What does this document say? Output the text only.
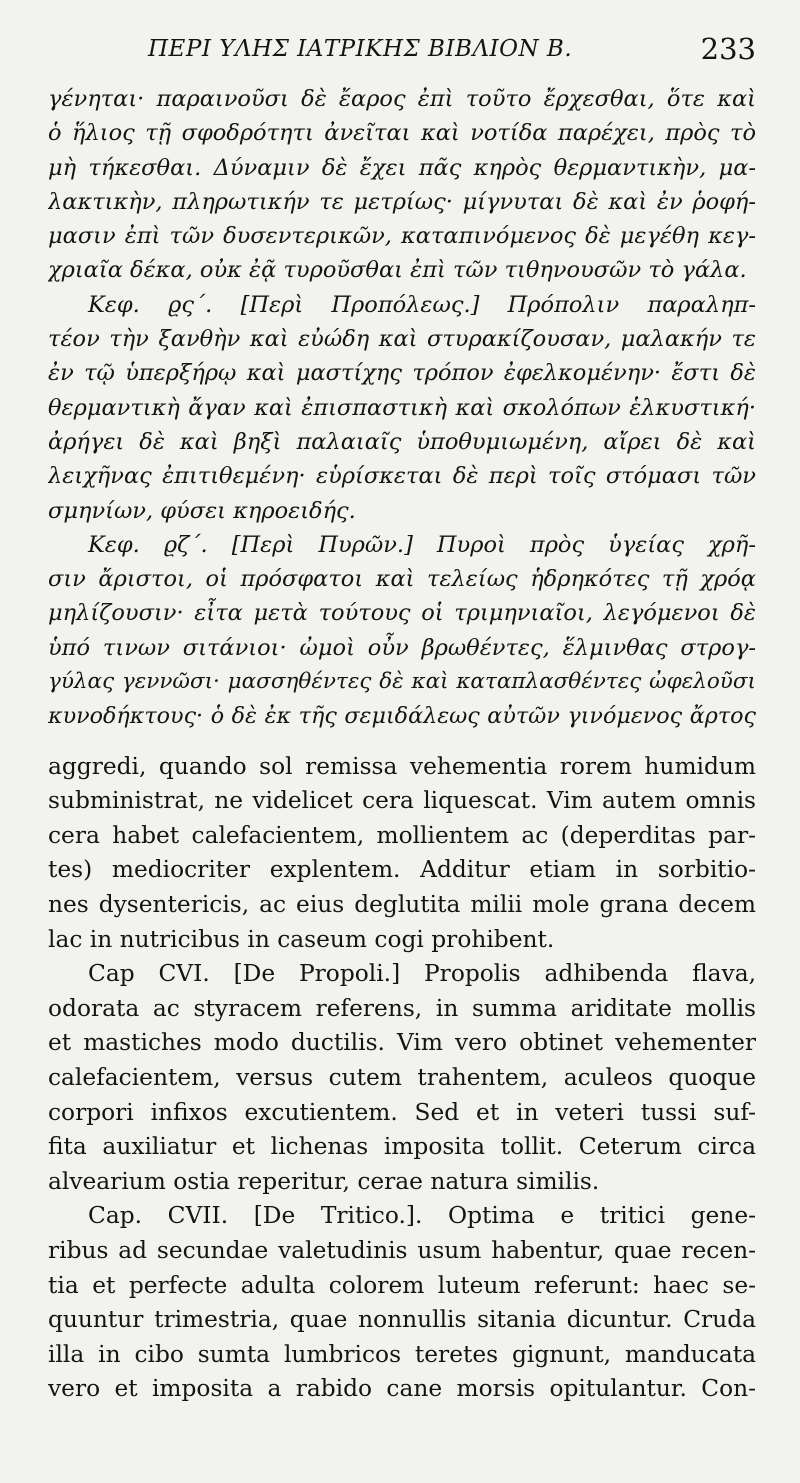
ΠΕΡΙ ΥΛΗΣ ΙΑΤΡΙΚΗΣ ΒΙΒΛΙΟΝ Β.	233
γένηται· παραινοῦσι δὲ ἔαρος ἐπὶ τοῦτο ἔρχεσθαι, ὅτε καὶ
ὁ ἥλιος τῇ σφοδρότητι ἀνεῖται καὶ νοτίδα παρέχει, πρὸς τὸ
μὴ τήκεσθαι. Δύναμιν δὲ ἔχει πᾶς κηρὸς θερμαντικὴν, μα-
λακτικὴν, πληρωτικήν τε μετρίως· μίγνυται δὲ καὶ ἐν ῥοφή-
μασιν ἐπὶ τῶν δυσεντερικῶν, καταπινόμενος δὲ μεγέθη κεγ-
χριαῖα δέκα, οὐκ ἐᾷ τυροῦσθαι ἐπὶ τῶν τιθηνουσῶν τὸ γάλα.
Κεφ. ϱς΄. [Περὶ Προπόλεως.] Πρόπολιν παραληπ-
τέον τὴν ξανθὴν καὶ εὐώδη καὶ στυρακίζουσαν, μαλακήν τε
ἐν τῷ ὑπερξήρῳ καὶ μαστίχης τρόπον ἐφελκομένην· ἔστι δὲ
θερμαντικὴ ἄγαν καὶ ἐπισπαστικὴ καὶ σκολόπων ἑλκυστική·
ἀρήγει δὲ καὶ βηξὶ παλαιαῖς ὑποθυμιωμένη, αἴρει δὲ καὶ
λειχῆνας ἐπιτιθεμένη· εὑρίσκεται δὲ περὶ τοῖς στόμασι τῶν
σμηνίων, φύσει κηροειδής.
Κεφ. ϱζ΄. [Περὶ Πυρῶν.] Πυροὶ πρὸς ὑγείας χρῆ-
σιν ἄριστοι, οἱ πρόσφατοι καὶ τελείως ἡδρηκότες τῇ χρόᾳ
μηλίζουσιν· εἶτα μετὰ τούτους οἱ τριμηνιαῖοι, λεγόμενοι δὲ
ὑπό τινων σιτάνιοι· ὠμοὶ οὖν βρωθέντες, ἕλμινθας στρογ-
γύλας γεννῶσι· μασσηθέντες δὲ καὶ καταπλασθέντες ὠφελοῦσι
κυνοδήκτους· ὁ δὲ ἐκ τῆς σεμιδάλεως αὐτῶν γινόμενος ἄρτος
aggredi, quando sol remissa vehementia rorem humidum
subministrat, ne videlicet cera liquescat. Vim autem omnis
cera habet calefacientem, mollientem ac (deperditas par-
tes) mediocriter explentem. Additur etiam in sorbitio-
nes dysentericis, ac eius deglutita milii mole grana decem
lac in nutricibus in caseum cogi prohibent.
Cap CVI. [De Propoli.] Propolis adhibenda flava,
odorata ac styracem referens, in summa ariditate mollis
et mastiches modo ductilis. Vim vero obtinet vehementer
calefacientem, versus cutem trahentem, aculeos quoque
corpori infixos excutientem. Sed et in veteri tussi suf-
fita auxiliatur et lichenas imposita tollit. Ceterum circa
alvearium ostia reperitur, cerae natura similis.
Cap. CVII. [De Tritico.]. Optima e tritici gene-
ribus ad secundae valetudinis usum habentur, quae recen-
tia et perfecte adulta colorem luteum referunt: haec se-
quuntur trimestria, quae nonnullis sitania dicuntur. Cruda
illa in cibo sumta lumbricos teretes gignunt, manducata
vero et imposita a rabido cane morsis opitulantur. Con-
